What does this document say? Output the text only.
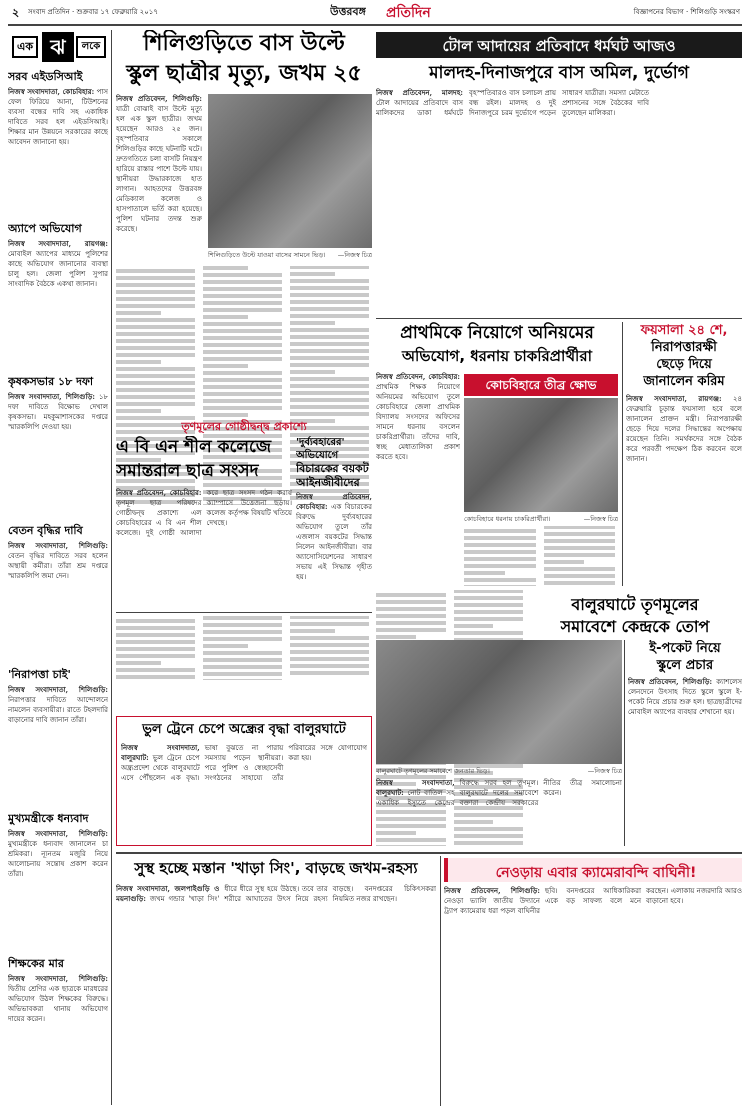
২ সংবাদ প্রতিদিন · শুক্রবার ১৭ ফেব্রুয়ারি ২০১৭	উত্তরবঙ্গ প্রতিদিন	বিজ্ঞাপনের বিভাগ · শিলিগুড়ি সংস্করণ
এক ঝ	লকে
সরব এইডসিআই
নিজস্ব সংবাদদাতা, কোচবিহার: পাস ফেল ফিরিয়ে আনা, টিউশনের ব্যবসা বন্ধের দাবি সহ একাধিক দাবিতে সরব হল এইডসিআই। শিক্ষার মান উন্নয়নে সরকারের কাছে আবেদন জানানো হয়।
অ্যাপে অভিযোগ
নিজস্ব সংবাদদাতা, রায়গঞ্জ: মোবাইল অ্যাপের মাধ্যমে পুলিশের কাছে অভিযোগ জানানোর ব্যবস্থা চালু হল। জেলা পুলিশ সুপার সাংবাদিক বৈঠকে একথা জানান।
কৃষকসভার ১৮ দফা
নিজস্ব সংবাদদাতা, শিলিগুড়ি: ১৮ দফা দাবিতে বিক্ষোভ দেখাল কৃষকসভা। মহকুমাশাসকের দপ্তরে স্মারকলিপি দেওয়া হয়।
বেতন বৃদ্ধির দাবি
নিজস্ব সংবাদদাতা, শিলিগুড়ি: বেতন বৃদ্ধির দাবিতে সরব হলেন অস্থায়ী কর্মীরা। তাঁরা শ্রম দপ্তরে স্মারকলিপি জমা দেন।
'নিরাপত্তা চাই'
নিজস্ব সংবাদদাতা, শিলিগুড়ি: নিরাপত্তার দাবিতে আন্দোলনে নামলেন ব্যবসায়ীরা। রাতে টহলদারি বাড়ানোর দাবি জানান তাঁরা।
মুখ্যমন্ত্রীকে ধন্যবাদ
নিজস্ব সংবাদদাতা, শিলিগুড়ি: মুখ্যমন্ত্রীকে ধন্যবাদ জানালেন চা শ্রমিকরা। ন্যূনতম মজুরি নিয়ে আলোচনায় সন্তোষ প্রকাশ করেন তাঁরা।
শিক্ষকের মার
নিজস্ব সংবাদদাতা, শিলিগুড়ি: দ্বিতীয় শ্রেণির এক ছাত্রকে মারধরের অভিযোগ উঠল শিক্ষকের বিরুদ্ধে। অভিভাবকরা থানায় অভিযোগ দায়ের করেন।
শিলিগুড়িতে বাস উল্টে
স্কুল ছাত্রীর মৃত্যু, জখম ২৫
নিজস্ব প্রতিবেদন, শিলিগুড়ি: যাত্রী বোঝাই বাস উল্টে মৃত্যু হল এক স্কুল ছাত্রীর। জখম হয়েছেন আরও ২৫ জন। বৃহস্পতিবার সকালে শিলিগুড়ির কাছে ঘটনাটি ঘটে। দ্রুতগতিতে চলা বাসটি নিয়ন্ত্রণ হারিয়ে রাস্তার পাশে উল্টে যায়। স্থানীয়রা উদ্ধারকাজে হাত লাগান। আহতদের উত্তরবঙ্গ মেডিক্যাল কলেজ ও হাসপাতালে ভর্তি করা হয়েছে। পুলিশ ঘটনার তদন্ত শুরু করেছে।
শিলিগুড়িতে উল্টে যাওয়া বাসের সামনে ভিড়।	—নিজস্ব চিত্র
টোল আদায়ের প্রতিবাদে ধর্মঘট আজও
মালদহ-দিনাজপুরে বাস অমিল, দুর্ভোগ
নিজস্ব প্রতিবেদন, মালদহ: টোল আদায়ের প্রতিবাদে বাস মালিকদের ডাকা ধর্মঘটে বৃহস্পতিবারও বাস চলাচল প্রায় বন্ধ রইল। মালদহ ও দুই দিনাজপুরে চরম দুর্ভোগে পড়েন সাধারণ যাত্রীরা। সমস্যা মেটাতে প্রশাসনের সঙ্গে বৈঠকের দাবি তুলেছেন মালিকরা।
প্রাথমিকে নিয়োগে অনিয়মের
অভিযোগ, ধরনায় চাকরিপ্রার্থীরা
নিজস্ব প্রতিবেদন, কোচবিহার: প্রাথমিক শিক্ষক নিয়োগে অনিয়মের অভিযোগ তুলে কোচবিহারে জেলা প্রাথমিক বিদ্যালয় সংসদের অফিসের সামনে ধরনায় বসলেন চাকরিপ্রার্থীরা। তাঁদের দাবি, স্বচ্ছ মেধাতালিকা প্রকাশ করতে হবে।
কোচবিহারে তীব্র ক্ষোভ
কোচবিহারে ধরনায় চাকরিপ্রার্থীরা।	—নিজস্ব চিত্র
ফয়সালা ২৪ শে,
নিরাপত্তারক্ষী
ছেড়ে দিয়ে
জানালেন করিম
নিজস্ব সংবাদদাতা, রায়গঞ্জ: ২৪ ফেব্রুয়ারি চূড়ান্ত ফয়সালা হবে বলে জানালেন প্রাক্তন মন্ত্রী। নিরাপত্তারক্ষী ছেড়ে দিয়ে দলের সিদ্ধান্তের অপেক্ষায় রয়েছেন তিনি। সমর্থকদের সঙ্গে বৈঠক করে পরবর্তী পদক্ষেপ ঠিক করবেন বলে জানান।
তৃণমূলের গোষ্ঠীদ্বন্দ্ব প্রকাশ্যে
এ বি এন শীল কলেজে
সমান্তরাল ছাত্র সংসদ
নিজস্ব প্রতিবেদন, কোচবিহার: তৃণমূল ছাত্র পরিষদের গোষ্ঠীদ্বন্দ্ব প্রকাশ্যে এল কোচবিহারের এ বি এন শীল কলেজে। দুই গোষ্ঠী আলাদা করে ছাত্র সংসদ গঠন করায় ক্যাম্পাসে উত্তেজনা ছড়ায়। কলেজ কর্তৃপক্ষ বিষয়টি খতিয়ে দেখছে।
'দুর্ব্যবহারের' অভিযোগে
বিচারকের বয়কট
আইনজীবীদের
নিজস্ব প্রতিবেদন, কোচবিহার: এক বিচারকের বিরুদ্ধে দুর্ব্যবহারের অভিযোগ তুলে তাঁর এজলাস বয়কটের সিদ্ধান্ত নিলেন আইনজীবীরা। বার অ্যাসোসিয়েশনের সাধারণ সভায় এই সিদ্ধান্ত গৃহীত হয়।
ভুল ট্রেনে চেপে অন্ধ্রের বৃদ্ধা বালুরঘাটে
নিজস্ব সংবাদদাতা, বালুরঘাট: ভুল ট্রেনে চেপে অন্ধ্রপ্রদেশ থেকে বালুরঘাটে এসে পৌঁছলেন এক বৃদ্ধা। ভাষা বুঝতে না পারায় সমস্যায় পড়েন স্থানীয়রা। পরে পুলিশ ও স্বেচ্ছাসেবী সংগঠনের সাহায্যে তাঁর পরিবারের সঙ্গে যোগাযোগ করা হয়।
বালুরঘাটে তৃণমূলের
সমাবেশে কেন্দ্রকে তোপ
বালুরঘাটে তৃণমূলের সমাবেশে জনতার ভিড়।	—নিজস্ব চিত্র
নিজস্ব সংবাদদাতা, বালুরঘাট: নোট বাতিল সহ একাধিক ইস্যুতে কেন্দ্রের বিরুদ্ধে সরব হল তৃণমূল। বালুরঘাটে দলের সমাবেশে বক্তারা কেন্দ্রীয় সরকারের নীতির তীব্র সমালোচনা করেন।
ই-পকেট নিয়ে
স্কুলে প্রচার
নিজস্ব প্রতিবেদন, শিলিগুড়ি: ক্যাশলেস লেনদেনে উৎসাহ দিতে স্কুলে স্কুলে ই-পকেট নিয়ে প্রচার শুরু হল। ছাত্রছাত্রীদের মোবাইল অ্যাপের ব্যবহার শেখানো হয়।
সুস্থ হচ্ছে মস্তান 'খাড়া সিং', বাড়ছে জখম-রহস্য
নিজস্ব সংবাদদাতা, জলপাইগুড়ি ও ময়নাগুড়ি: জখম গন্ডার 'খাড়া সিং' ধীরে ধীরে সুস্থ হয়ে উঠছে। তবে তার শরীরে আঘাতের উৎস নিয়ে রহস্য বাড়ছে। বনদপ্তরের চিকিৎসকরা নিয়মিত নজর রাখছেন।
নেওড়ায় এবার ক্যামেরাবন্দি বাঘিনী!
নিজস্ব প্রতিবেদন, শিলিগুড়ি: নেওড়া ভ্যালি জাতীয় উদ্যানে ট্র্যাপ ক্যামেরায় ধরা পড়ল বাঘিনীর ছবি। বনদপ্তরের আধিকারিকরা একে বড় সাফল্য বলে মনে করছেন। এলাকায় নজরদারি আরও বাড়ানো হবে।
